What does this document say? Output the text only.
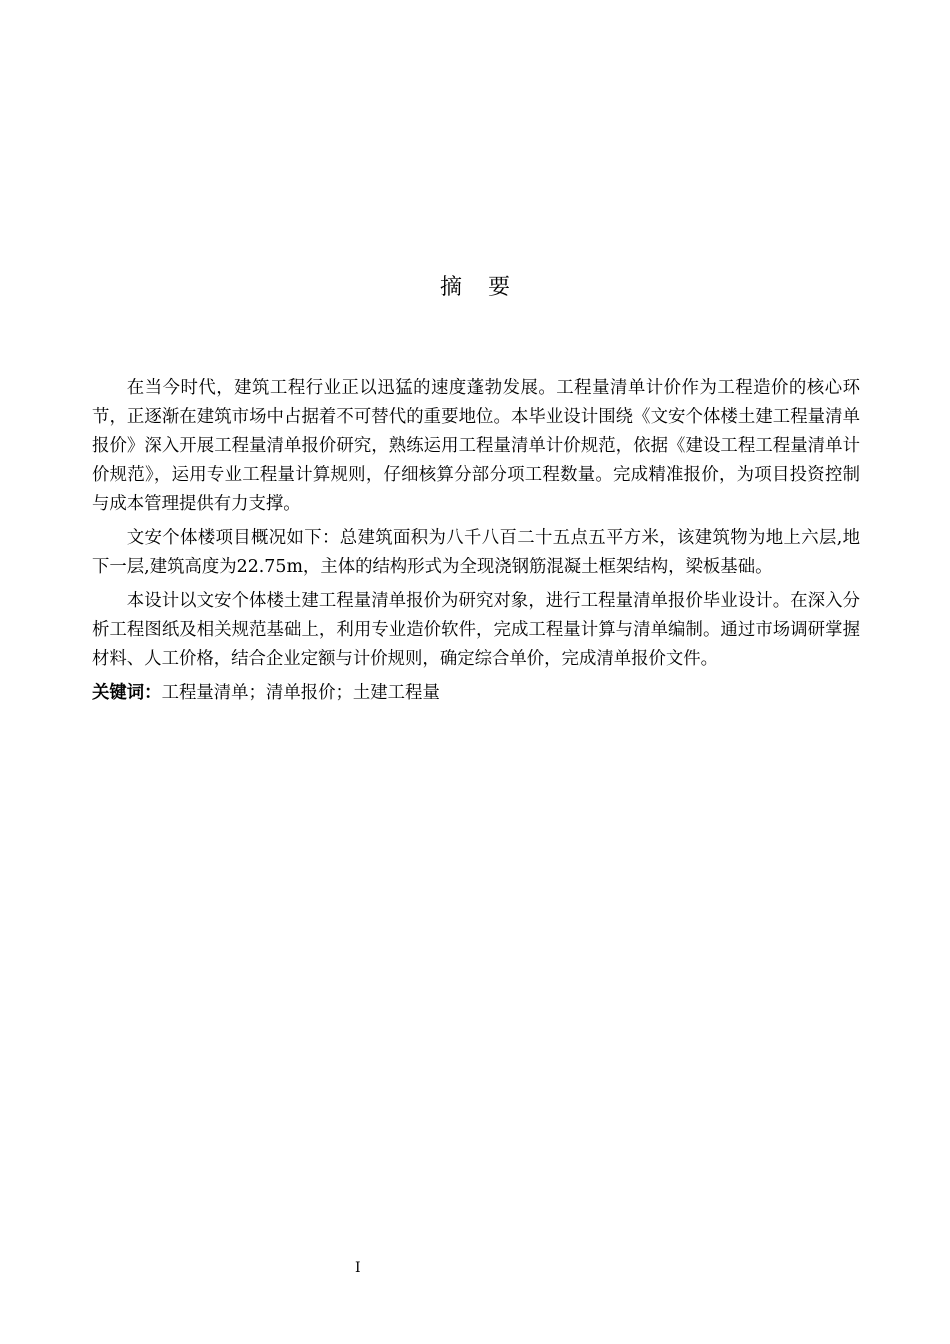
摘 要

在当今时代，建筑工程行业正以迅猛的速度蓬勃发展。工程量清单计价作为工程造价的核心环节，正逐渐在建筑市场中占据着不可替代的重要地位。本毕业设计围绕《文安个体楼土建工程量清单报价》深入开展工程量清单报价研究，熟练运用工程量清单计价规范，依据《建设工程工程量清单计价规范》，运用专业工程量计算规则，仔细核算分部分项工程数量。完成精准报价，为项目投资控制与成本管理提供有力支撑。

文安个体楼项目概况如下：总建筑面积为八千八百二十五点五平方米，该建筑物为地上六层,地下一层,建筑高度为22.75m，主体的结构形式为全现浇钢筋混凝土框架结构，梁板基础。

本设计以文安个体楼土建工程量清单报价为研究对象，进行工程量清单报价毕业设计。在深入分析工程图纸及相关规范基础上，利用专业造价软件，完成工程量计算与清单编制。通过市场调研掌握材料、人工价格，结合企业定额与计价规则，确定综合单价，完成清单报价文件。

关键词：工程量清单；清单报价；土建工程量

I
